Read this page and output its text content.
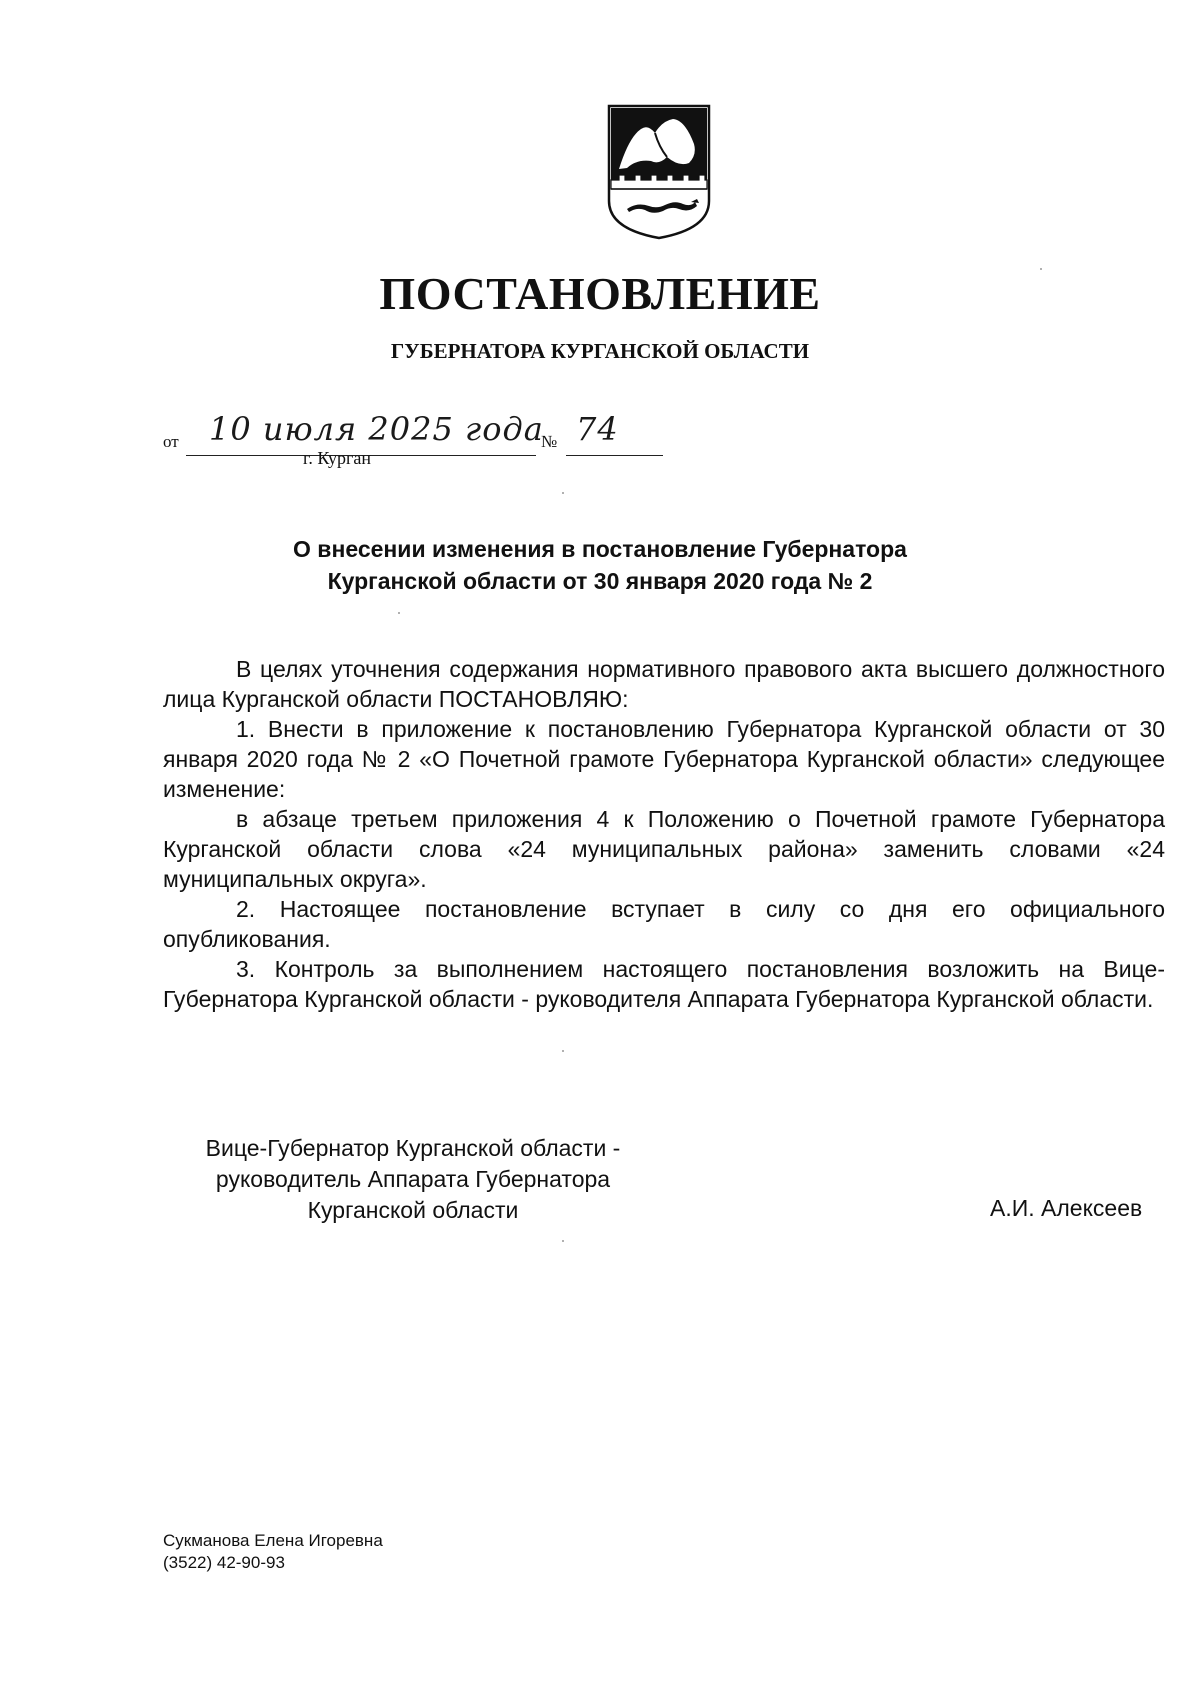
ПОСТАНОВЛЕНИЕ
ГУБЕРНАТОРА КУРГАНСКОЙ ОБЛАСТИ
от 10 июля 2025 года
№ 74
г. Курган
О внесении изменения в постановление Губернатора
Курганской области от 30 января 2020 года № 2
В целях уточнения содержания нормативного правового акта высшего должностного лица Курганской области ПОСТАНОВЛЯЮ:
1. Внести в приложение к постановлению Губернатора Курганской области от 30 января 2020 года № 2 «О Почетной грамоте Губернатора Курганской области» следующее изменение:
в абзаце третьем приложения 4 к Положению о Почетной грамоте Губернатора Курганской области слова «24 муниципальных района» заменить словами «24 муниципальных округа».
2. Настоящее постановление вступает в силу со дня его официального опубликования.
3. Контроль за выполнением настоящего постановления возложить на Вице-Губернатора Курганской области - руководителя Аппарата Губернатора Курганской области.
Вице-Губернатор Курганской области -
руководитель Аппарата Губернатора
Курганской области	А.И. Алексеев
Сукманова Елена Игоревна
(3522) 42-90-93
